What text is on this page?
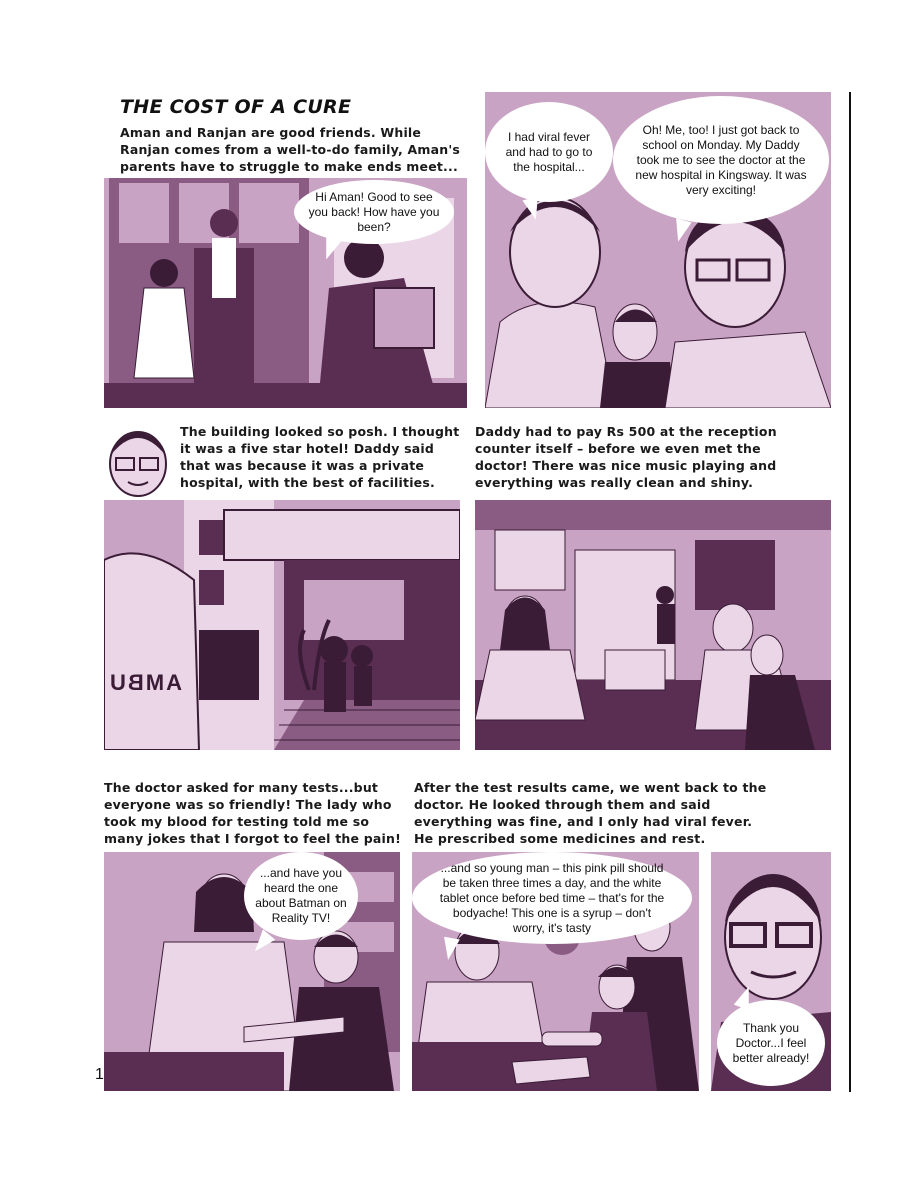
THE COST OF A CURE
Aman and Ranjan are good friends. While Ranjan comes from a well-to-do family, Aman's parents have to struggle to make ends meet...
Hi Aman! Good to see you back! How have you been?
I had viral fever and had to go to the hospital...
Oh! Me, too! I just got back to school on Monday. My Daddy took me to see the doctor at the new hospital in Kingsway. It was very exciting!
The building looked so posh. I thought it was a five star hotel! Daddy said that was because it was a private hospital, with the best of facilities.
Daddy had to pay Rs 500 at the reception counter itself – before we even met the doctor! There was nice music playing and everything was really clean and shiny.
AMBU
The doctor asked for many tests...but everyone was so friendly! The lady who took my blood for testing told me so many jokes that I forgot to feel the pain!
After the test results came, we went back to the doctor. He looked through them and said everything was fine, and I only had viral fever. He prescribed some medicines and rest.
...and have you heard the one about Batman on Reality TV!
...and so young man – this pink pill should be taken three times a day, and the white tablet once before bed time – that's for the bodyache! This one is a syrup – don't worry, it's tasty
Thank you Doctor...I feel better already!
1
